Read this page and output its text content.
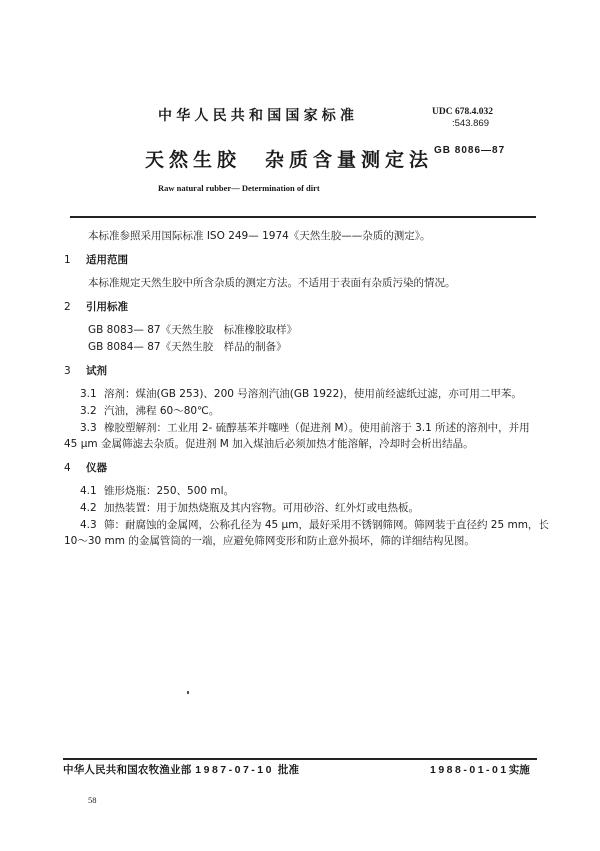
中华人民共和国国家标准	UDC 678.4.032
:543.869
GB 8086—87
天然生胶　杂质含量测定法
Raw natural rubber— Determination of dirt
本标准参照采用国际标准 ISO 249— 1974《天然生胶——杂质的测定》。
1 适用范围
本标准规定天然生胶中所含杂质的测定方法。不适用于表面有杂质污染的情况。
2 引用标准
GB 8083— 87《天然生胶　标准橡胶取样》
GB 8084— 87《天然生胶　样品的制备》
3 试剂
3.1 溶剂：煤油(GB 253)、200 号溶剂汽油(GB 1922)，使用前经滤纸过滤，亦可用二甲苯。
3.2 汽油，沸程 60～80℃。
3.3 橡胶塑解剂：工业用 2- 硫醇基苯并噻唑（促进剂 M）。使用前溶于 3.1 所述的溶剂中，并用
45 μm 金属筛滤去杂质。促进剂 M 加入煤油后必须加热才能溶解，冷却时会析出结晶。
4 仪器
4.1 锥形烧瓶：250、500 ml。
4.2 加热装置：用于加热烧瓶及其内容物。可用砂浴、红外灯或电热板。
4.3 筛：耐腐蚀的金属网，公称孔径为 45 μm，最好采用不锈钢筛网。筛网装于直径约 25 mm，长
10～30 mm 的金属管筒的一端，应避免筛网变形和防止意外损坏，筛的详细结构见图。
中华人民共和国农牧渔业部 1987-07-10 批准	1988-01-01实施
58
